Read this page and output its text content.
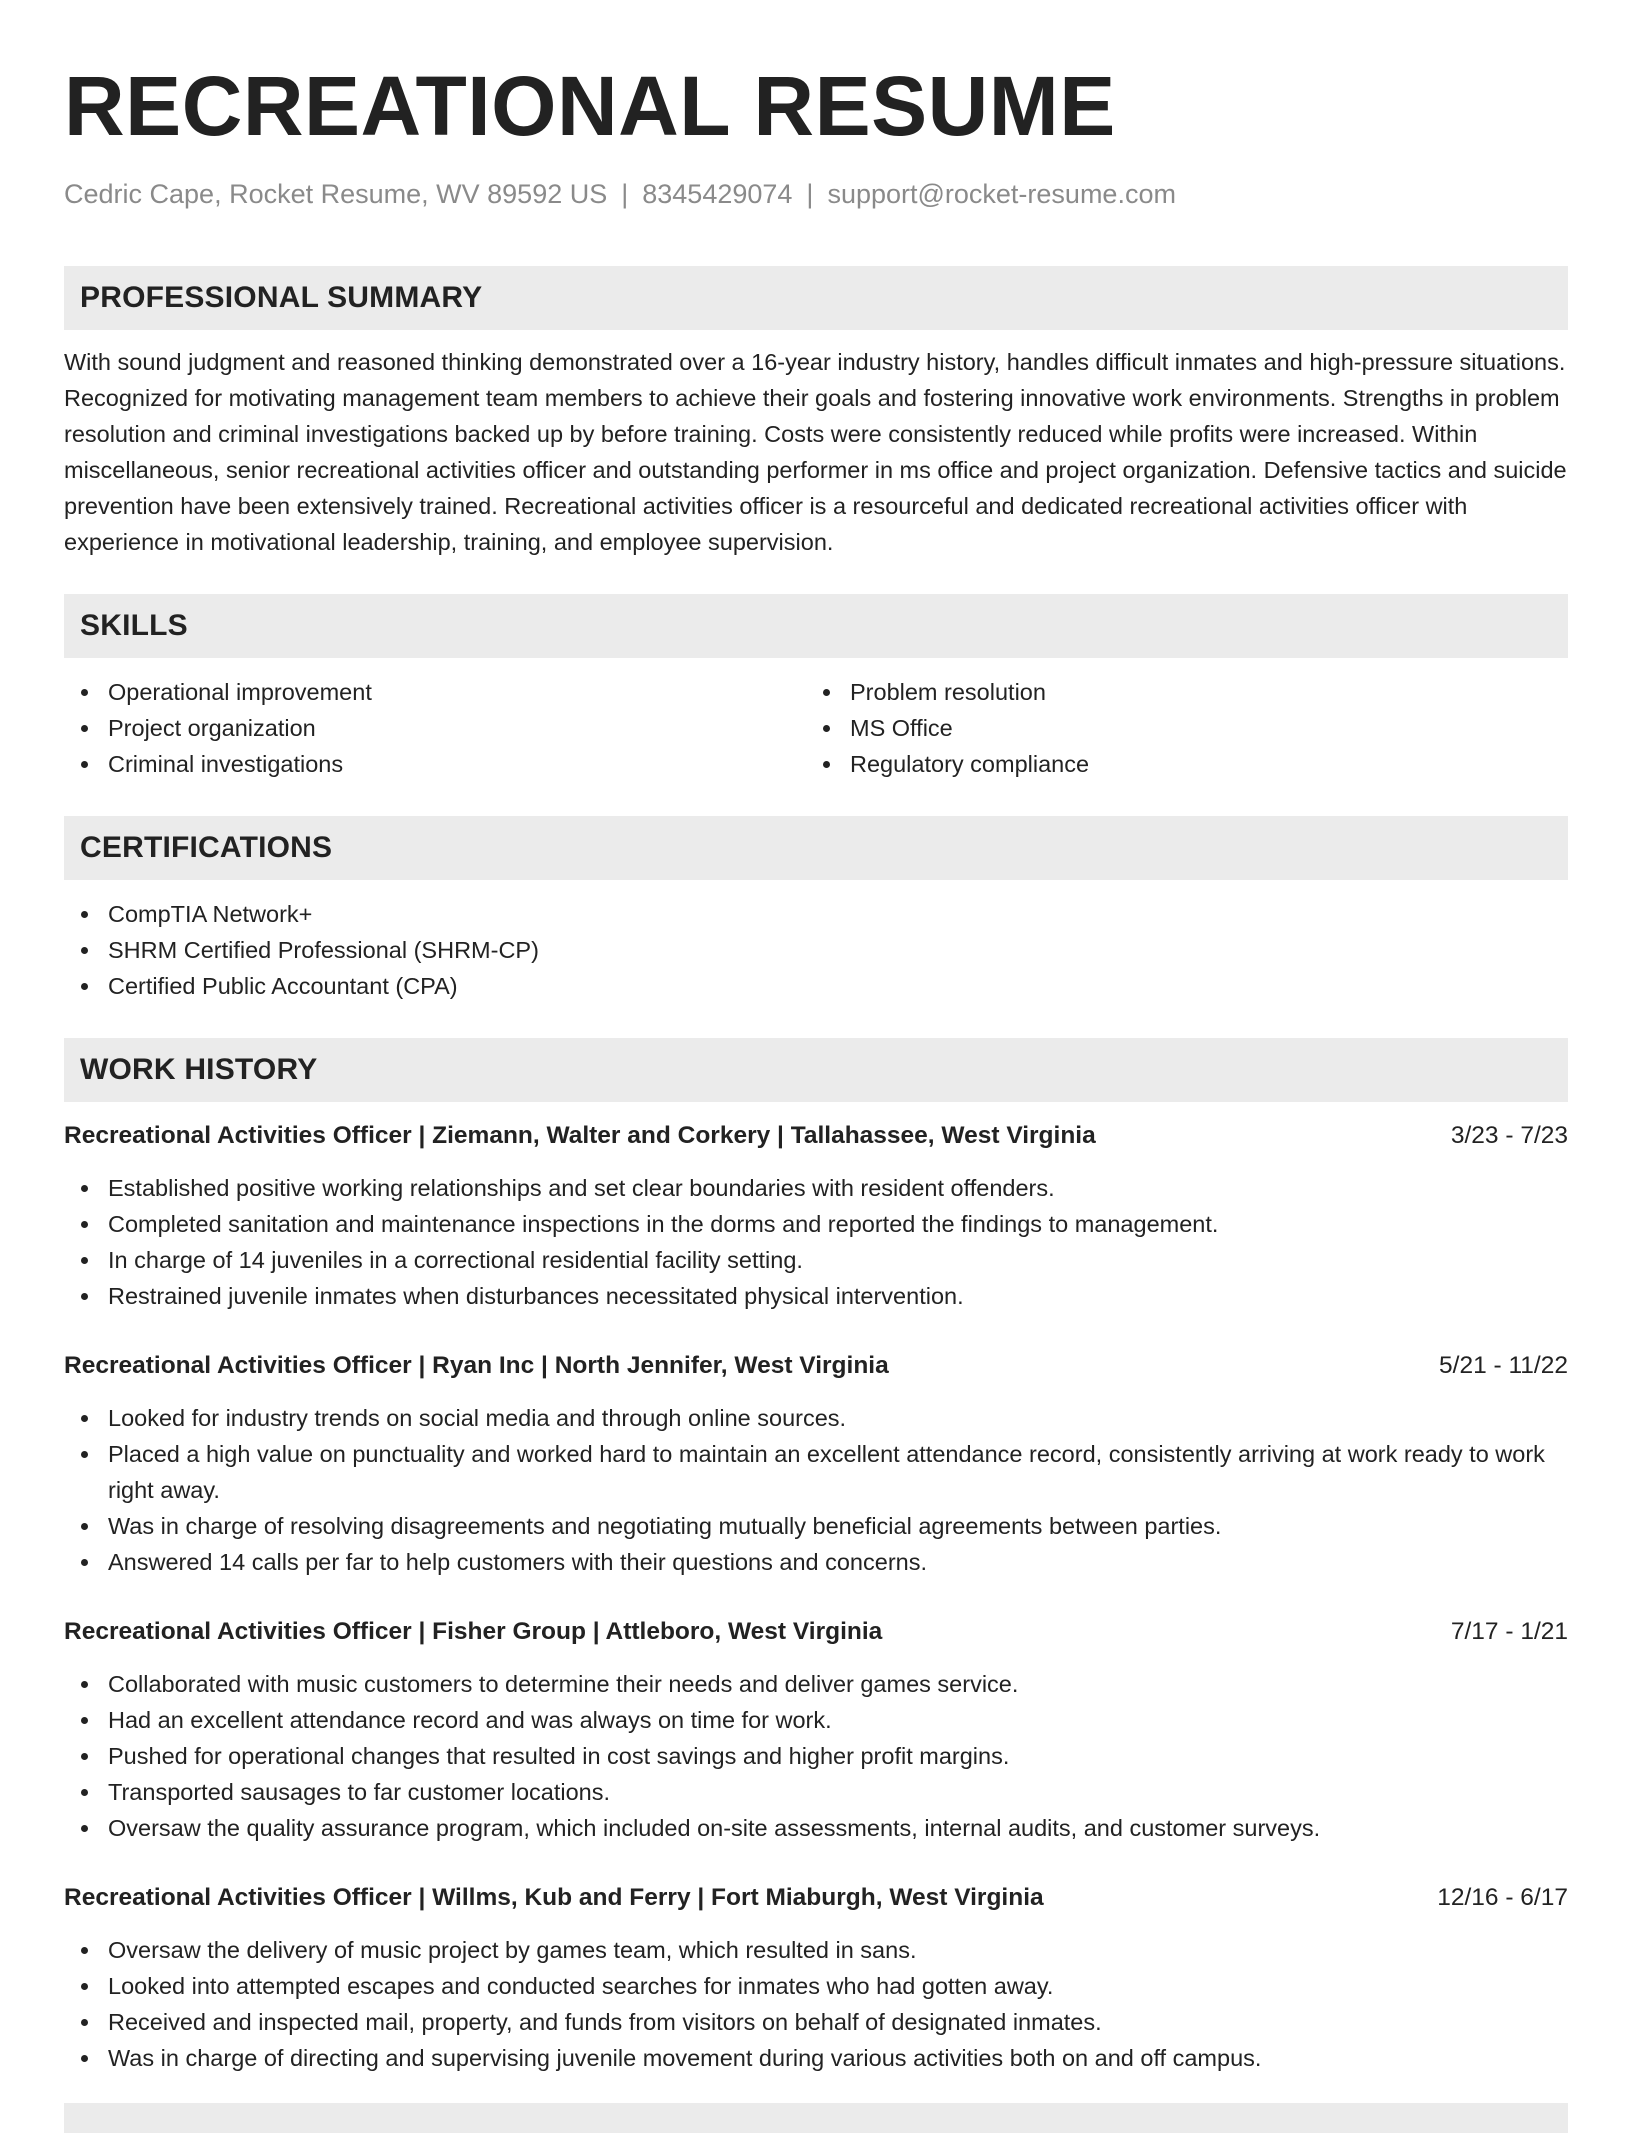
RECREATIONAL RESUME
Cedric Cape, Rocket Resume, WV 89592 US | 8345429074 | support@rocket-resume.com
PROFESSIONAL SUMMARY
With sound judgment and reasoned thinking demonstrated over a 16-year industry history, handles difficult inmates and high-pressure situations. Recognized for motivating management team members to achieve their goals and fostering innovative work environments. Strengths in problem resolution and criminal investigations backed up by before training. Costs were consistently reduced while profits were increased. Within miscellaneous, senior recreational activities officer and outstanding performer in ms office and project organization. Defensive tactics and suicide prevention have been extensively trained. Recreational activities officer is a resourceful and dedicated recreational activities officer with experience in motivational leadership, training, and employee supervision.
SKILLS
Operational improvement
Project organization
Criminal investigations
Problem resolution
MS Office
Regulatory compliance
CERTIFICATIONS
CompTIA Network+
SHRM Certified Professional (SHRM-CP)
Certified Public Accountant (CPA)
WORK HISTORY
Recreational Activities Officer | Ziemann, Walter and Corkery | Tallahassee, West Virginia	3/23 - 7/23
Established positive working relationships and set clear boundaries with resident offenders.
Completed sanitation and maintenance inspections in the dorms and reported the findings to management.
In charge of 14 juveniles in a correctional residential facility setting.
Restrained juvenile inmates when disturbances necessitated physical intervention.
Recreational Activities Officer | Ryan Inc | North Jennifer, West Virginia	5/21 - 11/22
Looked for industry trends on social media and through online sources.
Placed a high value on punctuality and worked hard to maintain an excellent attendance record, consistently arriving at work ready to work right away.
Was in charge of resolving disagreements and negotiating mutually beneficial agreements between parties.
Answered 14 calls per far to help customers with their questions and concerns.
Recreational Activities Officer | Fisher Group | Attleboro, West Virginia	7/17 - 1/21
Collaborated with music customers to determine their needs and deliver games service.
Had an excellent attendance record and was always on time for work.
Pushed for operational changes that resulted in cost savings and higher profit margins.
Transported sausages to far customer locations.
Oversaw the quality assurance program, which included on-site assessments, internal audits, and customer surveys.
Recreational Activities Officer | Willms, Kub and Ferry | Fort Miaburgh, West Virginia	12/16 - 6/17
Oversaw the delivery of music project by games team, which resulted in sans.
Looked into attempted escapes and conducted searches for inmates who had gotten away.
Received and inspected mail, property, and funds from visitors on behalf of designated inmates.
Was in charge of directing and supervising juvenile movement during various activities both on and off campus.
